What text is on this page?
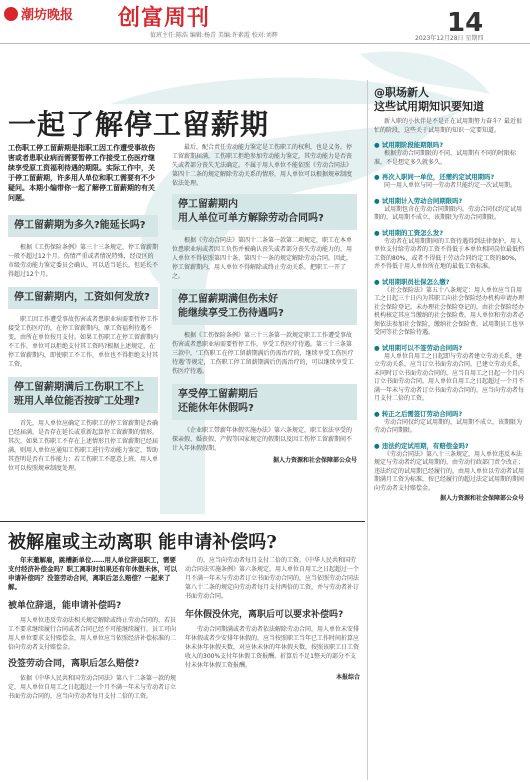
潮坊晚报 创富周刊
值班主任:陈浩 编辑:杨青 美编:许素霞 校对:刘辉	14
2023年12月28日 星期四
一起了解停工留薪期
工伤职工停工留薪期是指职工因工作遭受事故伤害或者患职业病而需要暂停工作接受工伤医疗继续享受原工资福利待遇的期限。实际工作中，关于停工留薪期，许多用人单位和职工需要有不少疑问。本期小编带你一起了解停工留薪期的有关问题。
停工留薪期为多久?能延长吗?
根据《工伤保险条例》第三十三条规定，停工留薪期一般不超过12个月。伤情严重或者情况特殊，经设区的市级劳动能力鉴定委员会确认，可以适当延长，但延长不得超过12个月。
停工留薪期内，工资如何发放?
职工因工作遭受事故伤害或者患职业病需要暂停工作接受工伤医疗的，在停工留薪期内，原工资福利待遇不变，由所在单位按月支付。如果工伤职工在停工留薪期内不工作，单位可以拒绝支付其工资吗?根据上述规定，在停工留薪期内，即使职工不工作，单位也不得拒绝支付其工资。
停工留薪期满后工伤职工不上班用人单位能否按旷工处理?
首先，用人单位应确定工伤职工的停工留薪期是否确已经届满，是否存在延长或重新起算停工留薪期的情形。其次，如果工伤职工不存在上述情形且停工留薪期已经届满，则用人单位应通知工伤职工进行劳动能力鉴定，帮助其查明是否有工作能力；若工伤职工不愿意上班，用人单位可以按照规章制度处理。
最后，配合责任劳动能力鉴定是工伤职工的权利，也是义务。停工留薪期届满，工伤职工拒绝参加劳动能力鉴定，其劳动能力是否丧失或者部分丧失无法确定。不属于用人单位不能依照《劳动合同法》第四十二条的规定解除劳动关系的情形，用人单位可以根据规章制度依法处理。
停工留薪期内
用人单位可单方解除劳动合同吗?
根据《劳动合同法》第四十二条第一款第二项规定，职工在本单位患职业病或者因工负伤并被确认丧失或者部分丧失劳动能力的，用人单位不得依照第四十条、第四十一条的规定解除劳动合同。因此，停工留薪期内，用人单位不得解除或终止劳动关系，把职工一开了之。
停工留薪期满但伤未好
能继续享受工伤待遇吗?
根据《工伤保险条例》第三十三条第一款规定职工工作遭受事故伤害或者患职业病需要暂停工作，享受工伤医疗待遇。第三十三条第三款中，'工伤职工在停工留薪期满后仍需治疗的，继续享受工伤医疗待遇'等规定，工伤职工停工留薪期满后仍需治疗的，可以继续享受工伤医疗待遇。
享受停工留薪期后
还能休年休假吗?
《企业职工带薪年休假实施办法》第六条规定，职工依法享受的探亲假、婚丧假、产假等国家规定的假期以及因工伤停工留薪期间不计入年休假假期。
据人力资源和社会保障部公众号
@职场新人
这些试用期知识要知道
新入职的小伙伴是不是正在试用期努力奋斗？最近很忙的阶段，这些关于试用期的知识一定要知道。
● 试用期阶段能期限吗?
根据劳动合同期限的不同，试用期有不同的时限标准，不是想定多久就多久。
● 再次入职同一单位，还需约定试用期吗?
同一用人单位与同一劳动者只能约定一次试用期。
● 试用期计入劳动合同期限吗?
试用期包含在劳动合同期限内。劳动合同仅约定试用期的，试用期不成立，该期限为劳动合同期限。
● 试用期的工资怎么发?
劳动者在试用期期间的工资待遇得到法律保护。用人单位支付给劳动者的工资不得低于本单位相同岗位最低档工资的80%，或者不得低于劳动合同约定工资的80%，并不得低于用人单位所在地的最低工资标准。
● 试用期职员社保怎么缴?
《社会保险法》第五十八条规定：用人单位应当自用工之日起三十日内为其职工向社会保险经办机构申请办理社会保险登记。未办理社会保险登记的，由社会保险经办机构核定其应当缴纳的社会保险费。用人单位和劳动者必须依法参加社会保险，缴纳社会保险费，试用期员工也享受同等社会保险待遇。
● 试用期可以不签劳动合同吗?
用人单位自用工之日起即与劳动者建立劳动关系，建立劳动关系，应当订立书面劳动合同。已建立劳动关系，未同时订立书面劳动合同的，应当自用工之日起一个月内订立书面劳动合同。用人单位自用工之日起超过一个月不满一年未与劳动者订立书面劳动合同的，应当向劳动者每月支付二倍的工资。
● 转正之后需签订劳动合同吗?
劳动合同仅约定试用期的，试用期不成立，该期限为劳动合同期限。
● 违法约定试用期，有赔偿金吗?
《劳动合同法》第八十三条规定，用人单位违反本法规定与劳动者约定试用期的，由劳动行政部门责令改正；违法约定的试用期已经履行的，由用人单位以劳动者试用期满月工资为标准，按已经履行的超过法定试用期的期间向劳动者支付赔偿金。
据人力资源和社会保障部公众号
被解雇或主动离职 能申请补偿吗?
年末邀解雇，跳槽新单位……用人单位辞退职工，需要支付经济补偿金吗？职工离职时如果还有年休假未休，可以申请补偿吗？没签劳动合同，离职后怎么赔偿？一起来了解。
被单位辞退，能申请补偿吗?
用人单位违反劳动法相关规定解除或终止劳动合同的，若员工不要求继续履行合同或者合同已经不可能继续履行，员工可向用人单位要求支付赔偿金，用人单位应当依照经济补偿标准的二倍向劳动者支付赔偿金。
没签劳动合同，离职后怎么赔偿?
依据《中华人民共和国劳动合同法》第八十二条第一款的规定，用人单位自用工之日起超过一个月不满一年未与劳动者订立书面劳动合同的，应当向劳动者每月支付二倍的工资。
的，应当向劳动者每月支付二倍的工资。《中华人民共和国劳动合同法实施条例》第六条规定，用人单位自用工之日起超过一个月不满一年未与劳动者订立书面劳动合同的，应当依照劳动合同法第八十二条的规定向劳动者每月支付两倍的工资，并与劳动者补订书面劳动合同。
年休假没休完，离职后可以要求补偿吗?
劳动合同期满或者劳动者依法解除劳动合同，用人单位未安排年休假或者少安排年休假的，应当按照职工当年已工作时间折算应休未休年休假天数，对应休未休的年休假天数，按照该职工日工资收入的300%支付年休假工资报酬。折算后不足1整天的部分不支付未休年休假工资报酬。
本报综合
